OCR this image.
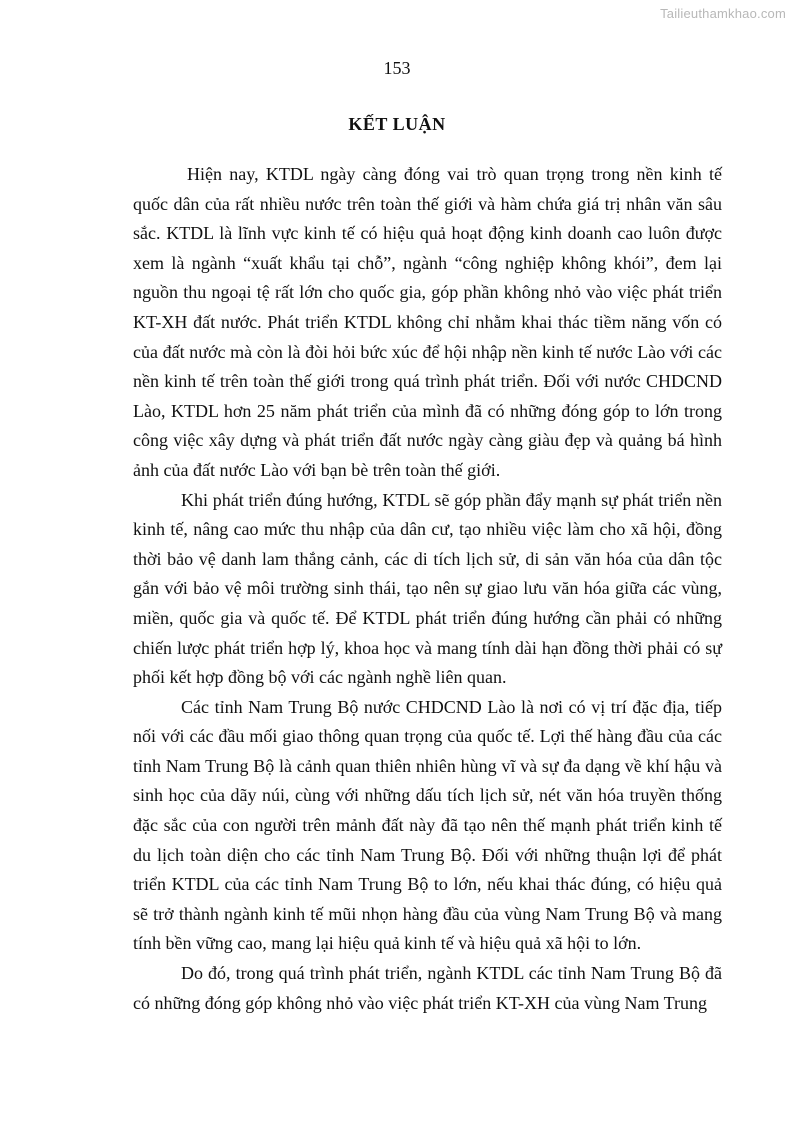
Tailieuthamkhao.com
153
KẾT LUẬN

Hiện nay, KTDL ngày càng đóng vai trò quan trọng trong nền kinh tế quốc dân của rất nhiều nước trên toàn thế giới và hàm chứa giá trị nhân văn sâu sắc. KTDL là lĩnh vực kinh tế có hiệu quả hoạt động kinh doanh cao luôn được xem là ngành “xuất khẩu tại chỗ”, ngành “công nghiệp không khói”, đem lại nguồn thu ngoại tệ rất lớn cho quốc gia, góp phần không nhỏ vào việc phát triển KT-XH đất nước. Phát triển KTDL không chỉ nhằm khai thác tiềm năng vốn có của đất nước mà còn là đòi hỏi bức xúc để hội nhập nền kinh tế nước Lào với các nền kinh tế trên toàn thế giới trong quá trình phát triển. Đối với nước CHDCND Lào, KTDL hơn 25 năm phát triển của mình đã có những đóng góp to lớn trong công việc xây dựng và phát triển đất nước ngày càng giàu đẹp và quảng bá hình ảnh của đất nước Lào với bạn bè trên toàn thế giới.

Khi phát triển đúng hướng, KTDL sẽ góp phần đẩy mạnh sự phát triển nền kinh tế, nâng cao mức thu nhập của dân cư, tạo nhiều việc làm cho xã hội, đồng thời bảo vệ danh lam thắng cảnh, các di tích lịch sử, di sản văn hóa của dân tộc gắn với bảo vệ môi trường sinh thái, tạo nên sự giao lưu văn hóa giữa các vùng, miền, quốc gia và quốc tế. Để KTDL phát triển đúng hướng cần phải có những chiến lược phát triển hợp lý, khoa học và mang tính dài hạn đồng thời phải có sự phối kết hợp đồng bộ với các ngành nghề liên quan.

Các tỉnh Nam Trung Bộ nước CHDCND Lào là nơi có vị trí đặc địa, tiếp nối với các đầu mối giao thông quan trọng của quốc tế. Lợi thế hàng đầu của các tỉnh Nam Trung Bộ là cảnh quan thiên nhiên hùng vĩ và sự đa dạng về khí hậu và sinh học của dãy núi, cùng với những dấu tích lịch sử, nét văn hóa truyền thống đặc sắc của con người trên mảnh đất này đã tạo nên thế mạnh phát triển kinh tế du lịch toàn diện cho các tỉnh Nam Trung Bộ. Đối với những thuận lợi để phát triển KTDL của các tỉnh Nam Trung Bộ to lớn, nếu khai thác đúng, có hiệu quả sẽ trở thành ngành kinh tế mũi nhọn hàng đầu của vùng Nam Trung Bộ và mang tính bền vững cao, mang lại hiệu quả kinh tế và hiệu quả xã hội to lớn.

Do đó, trong quá trình phát triển, ngành KTDL các tỉnh Nam Trung Bộ đã có những đóng góp không nhỏ vào việc phát triển KT-XH của vùng Nam Trung
